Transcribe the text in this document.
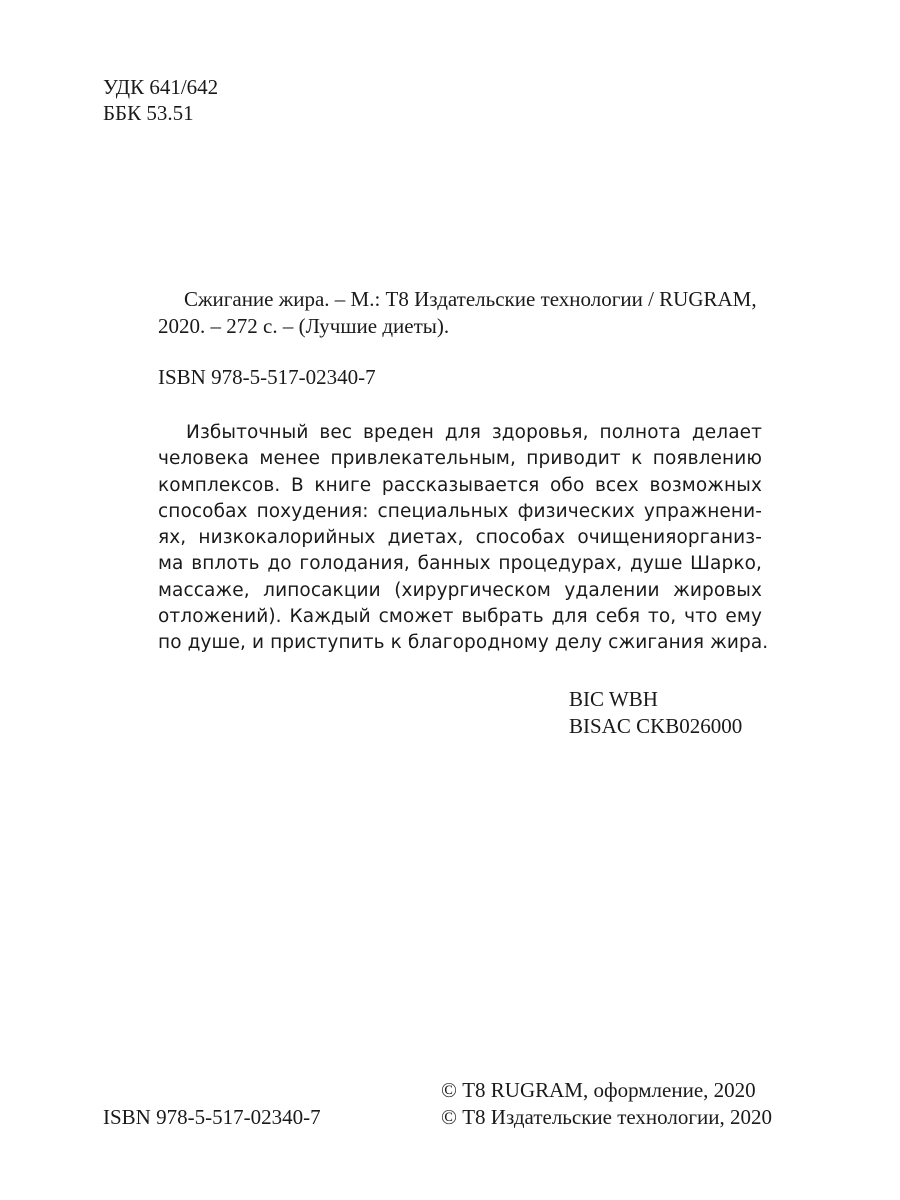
УДК 641/642
ББК 53.51
Сжигание жира. – М.: Т8 Издательские технологии / RUGRAM,
2020. – 272 с. – (Лучшие диеты).
ISBN 978-5-517-02340-7
Избыточный вес вреден для здоровья, полнота делает
человека менее привлекательным, приводит к появлению
комплексов. В книге рассказывается обо всех возможных
способах похудения: специальных физических упражнени-
ях, низкокалорийных диетах, способах очищенияорганиз-
ма вплоть до голодания, банных процедурах, душе Шарко,
массаже, липосакции (хирургическом удалении жировых
отложений). Каждый сможет выбрать для себя то, что ему
по душе, и приступить к благородному делу сжигания жира.
BIC WBH
BISAC CKB026000
© Т8 RUGRAM, оформление, 2020
© Т8 Издательские технологии, 2020
ISBN 978-5-517-02340-7
